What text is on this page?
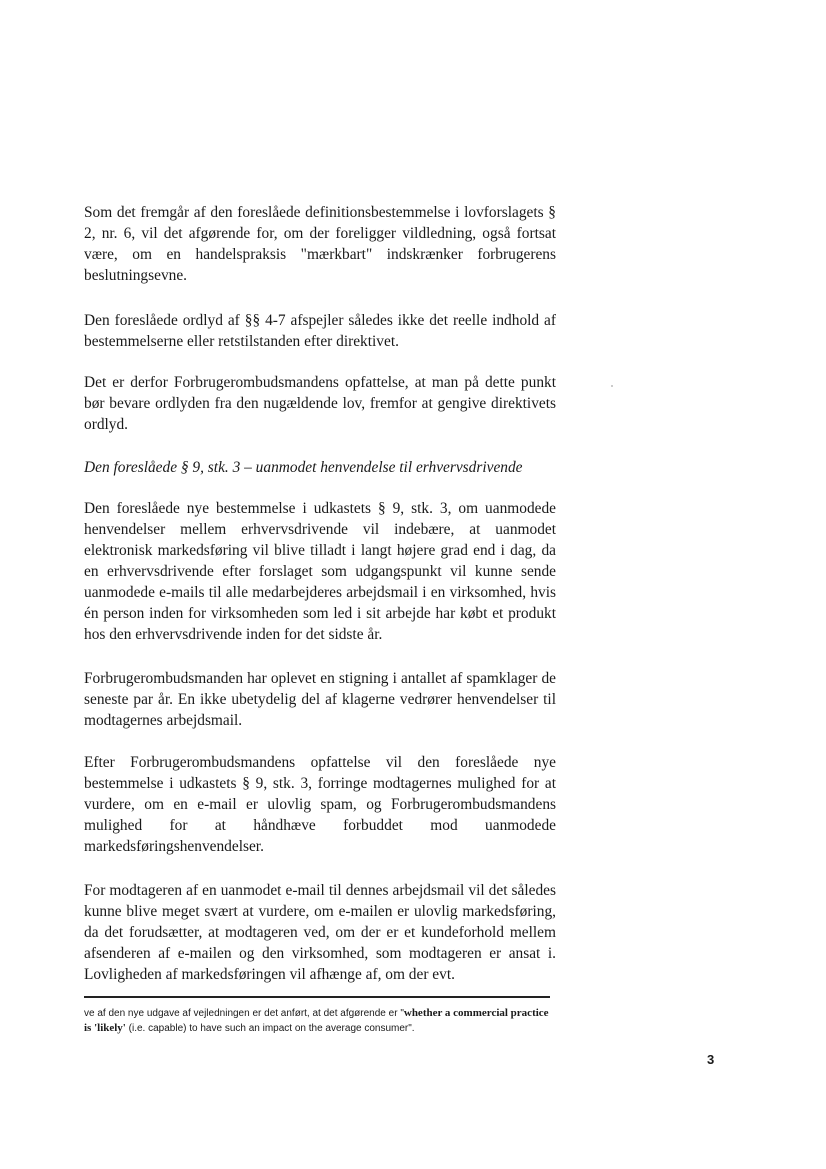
Som det fremgår af den foreslåede definitionsbestemmelse i lovforslagets § 2, nr. 6, vil det afgørende for, om der foreligger vildledning, også fortsat være, om en handelspraksis "mærkbart" indskrænker forbrugerens beslutningsevne.

Den foreslåede ordlyd af §§ 4-7 afspejler således ikke det reelle indhold af bestemmelserne eller retstilstanden efter direktivet.

Det er derfor Forbrugerombudsmandens opfattelse, at man på dette punkt bør bevare ordlyden fra den nugældende lov, fremfor at gengive direktivets ordlyd.

Den foreslåede § 9, stk. 3 – uanmodet henvendelse til erhvervsdrivende

Den foreslåede nye bestemmelse i udkastets § 9, stk. 3, om uanmodede henvendelser mellem erhvervsdrivende vil indebære, at uanmodet elektronisk markedsføring vil blive tilladt i langt højere grad end i dag, da en erhvervsdrivende efter forslaget som udgangspunkt vil kunne sende uanmodede e-mails til alle medarbejderes arbejdsmail i en virksomhed, hvis én person inden for virksomheden som led i sit arbejde har købt et produkt hos den erhvervsdrivende inden for det sidste år.

Forbrugerombudsmanden har oplevet en stigning i antallet af spamklager de seneste par år. En ikke ubetydelig del af klagerne vedrører henvendelser til modtagernes arbejdsmail.

Efter Forbrugerombudsmandens opfattelse vil den foreslåede nye bestemmelse i udkastets § 9, stk. 3, forringe modtagernes mulighed for at vurdere, om en e-mail er ulovlig spam, og Forbrugerombudsmandens mulighed for at håndhæve forbuddet mod uanmodede markedsføringshenvendelser.

For modtageren af en uanmodet e-mail til dennes arbejdsmail vil det således kunne blive meget svært at vurdere, om e-mailen er ulovlig markedsføring, da det forudsætter, at modtageren ved, om der er et kundeforhold mellem afsenderen af e-mailen og den virksomhed, som modtageren er ansat i. Lovligheden af markedsføringen vil afhænge af, om der evt.

ve af den nye udgave af vejledningen er det anført, at det afgørende er "whether a commercial practice is 'likely' (i.e. capable) to have such an impact on the average consumer".

3
